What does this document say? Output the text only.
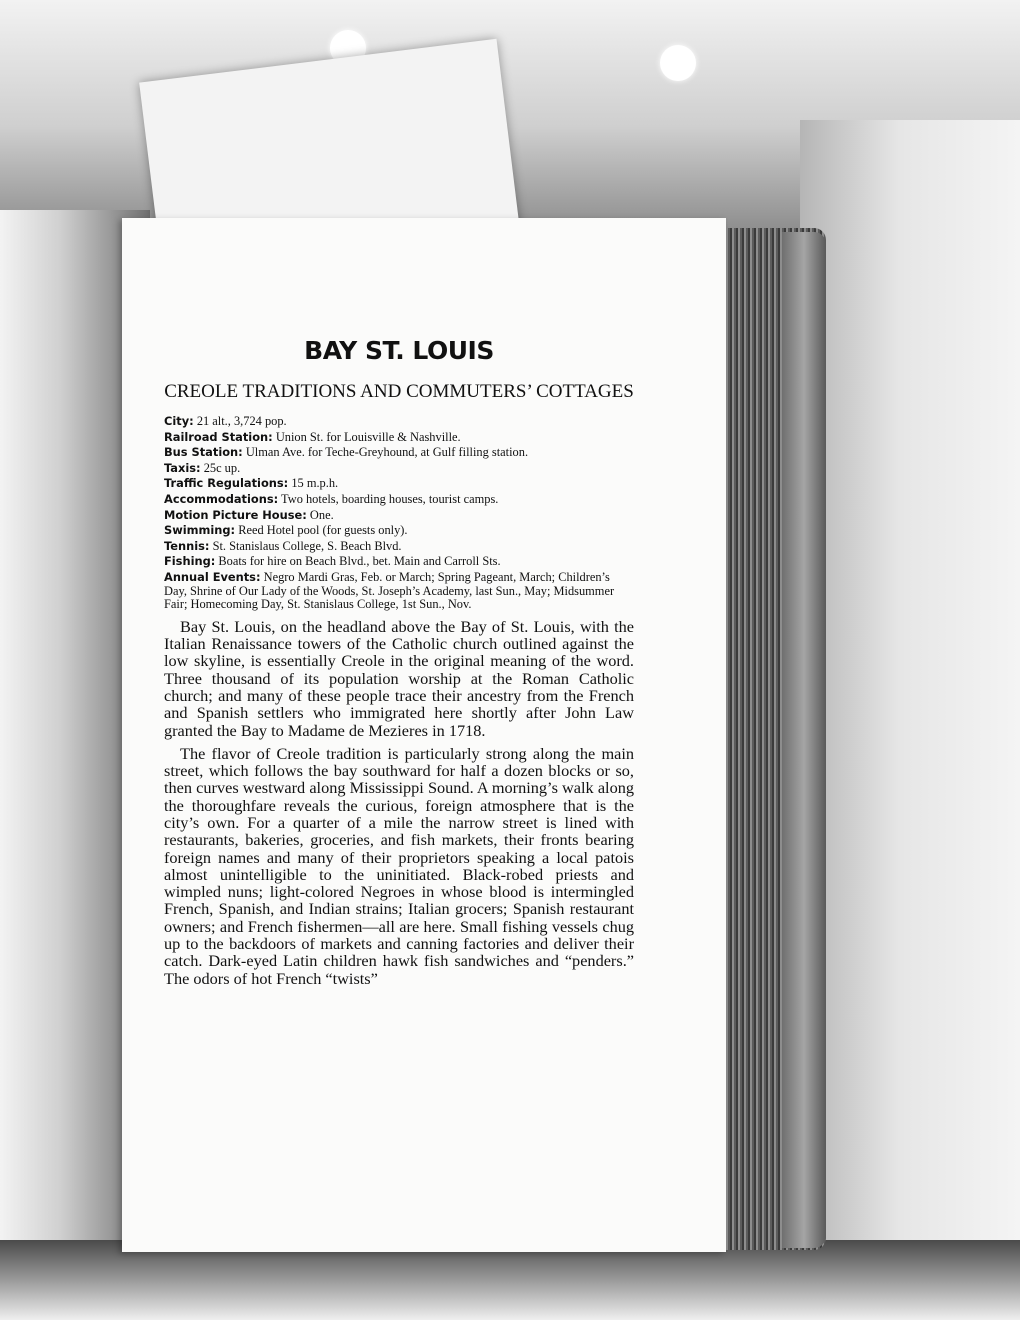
BAY ST. LOUIS
CREOLE TRADITIONS AND COMMUTERS’ COTTAGES

City: 21 alt., 3,724 pop.

Railroad Station: Union St. for Louisville & Nashville.

Bus Station: Ulman Ave. for Teche-Greyhound, at Gulf filling station.

Taxis: 25c up.

Traffic Regulations: 15 m.p.h.

Accommodations: Two hotels, boarding houses, tourist camps.

Motion Picture House: One.

Swimming: Reed Hotel pool (for guests only).

Tennis: St. Stanislaus College, S. Beach Blvd.

Fishing: Boats for hire on Beach Blvd., bet. Main and Carroll Sts.

Annual Events: Negro Mardi Gras, Feb. or March; Spring Pageant, March; Children’s Day, Shrine of Our Lady of the Woods, St. Joseph’s Academy, last Sun., May; Midsummer Fair; Homecoming Day, St. Stanislaus College, 1st Sun., Nov.

Bay St. Louis, on the headland above the Bay of St. Louis, with the Italian Renaissance towers of the Catholic church outlined against the low skyline, is essentially Creole in the original meaning of the word. Three thousand of its population worship at the Roman Catholic church; and many of these people trace their ancestry from the French and Spanish settlers who immigrated here shortly after John Law granted the Bay to Madame de Mezieres in 1718.

The flavor of Creole tradition is particularly strong along the main street, which follows the bay southward for half a dozen blocks or so, then curves westward along Mississippi Sound. A morning’s walk along the thoroughfare reveals the curious, foreign atmosphere that is the city’s own. For a quarter of a mile the narrow street is lined with restaurants, bakeries, groceries, and fish markets, their fronts bearing foreign names and many of their proprietors speaking a local patois almost unintelligible to the uninitiated. Black-robed priests and wimpled nuns; light-colored Negroes in whose blood is intermingled French, Spanish, and Indian strains; Italian grocers; Spanish restaurant owners; and French fishermen—all are here. Small fishing vessels chug up to the backdoors of markets and canning factories and deliver their catch. Dark-eyed Latin children hawk fish sandwiches and “penders.” The odors of hot French “twists”
